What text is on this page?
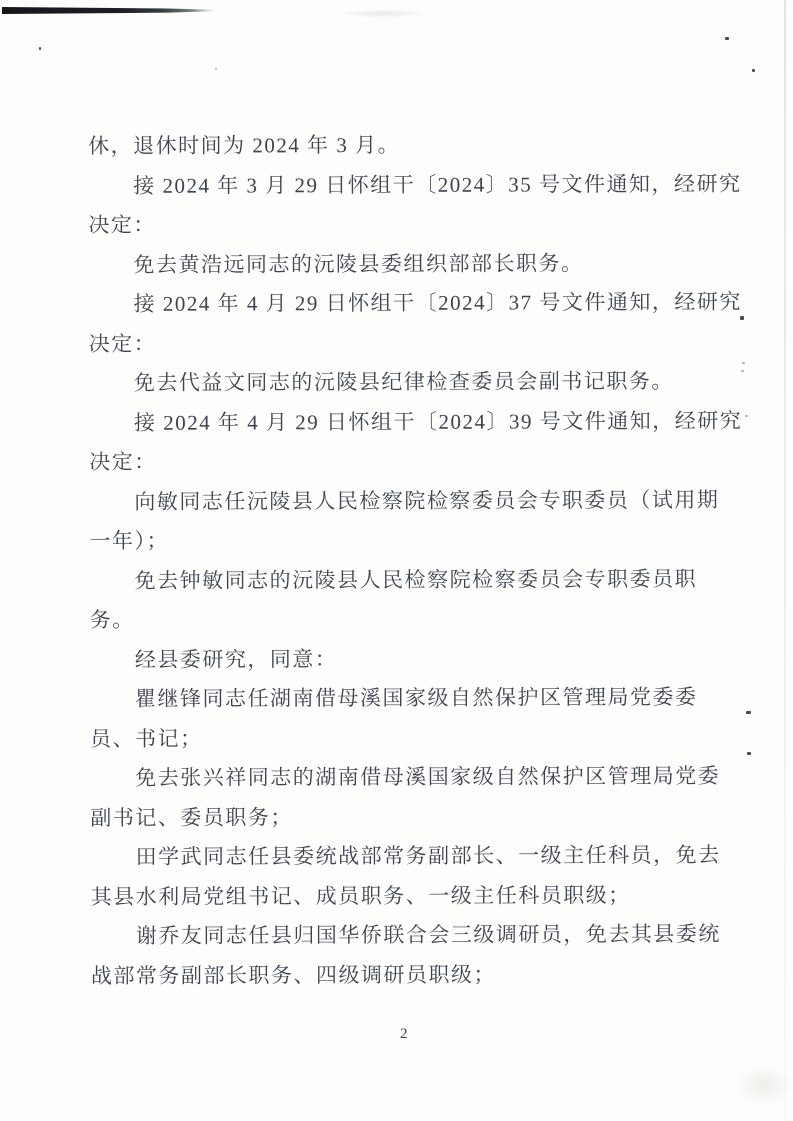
休，退休时间为 2024 年 3 月。

接 2024 年 3 月 29 日怀组干〔2024〕35 号文件通知，经研究

决定：

免去黄浩远同志的沅陵县委组织部部长职务。

接 2024 年 4 月 29 日怀组干〔2024〕37 号文件通知，经研究

决定：

免去代益文同志的沅陵县纪律检查委员会副书记职务。

接 2024 年 4 月 29 日怀组干〔2024〕39 号文件通知，经研究

决定：

向敏同志任沅陵县人民检察院检察委员会专职委员（试用期

一年）；

免去钟敏同志的沅陵县人民检察院检察委员会专职委员职

务。

经县委研究，同意：

瞿继锋同志任湖南借母溪国家级自然保护区管理局党委委

员、书记；

免去张兴祥同志的湖南借母溪国家级自然保护区管理局党委

副书记、委员职务；

田学武同志任县委统战部常务副部长、一级主任科员，免去

其县水利局党组书记、成员职务、一级主任科员职级；

谢乔友同志任县归国华侨联合会三级调研员，免去其县委统

战部常务副部长职务、四级调研员职级；

2
